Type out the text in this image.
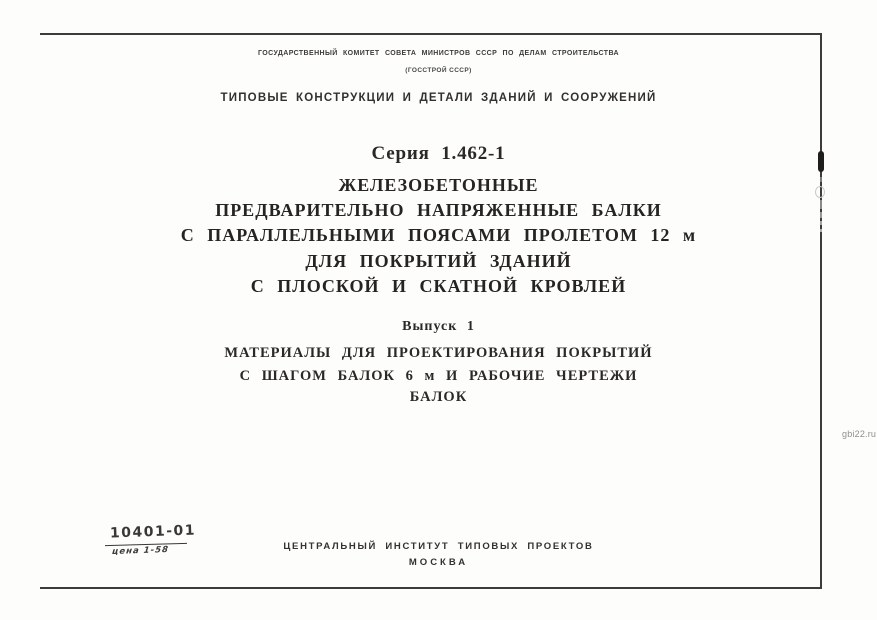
ГОСУДАРСТВЕННЫЙ КОМИТЕТ СОВЕТА МИНИСТРОВ СССР ПО ДЕЛАМ СТРОИТЕЛЬСТВА
(ГОССТРОЙ СССР)
ТИПОВЫЕ КОНСТРУКЦИИ И ДЕТАЛИ ЗДАНИЙ И СООРУЖЕНИЙ
Серия 1.462-1
ЖЕЛЕЗОБЕТОННЫЕ
ПРЕДВАРИТЕЛЬНО НАПРЯЖЕННЫЕ БАЛКИ
С ПАРАЛЛЕЛЬНЫМИ ПОЯСАМИ ПРОЛЕТОМ 12 м
ДЛЯ ПОКРЫТИЙ ЗДАНИЙ
С ПЛОСКОЙ И СКАТНОЙ КРОВЛЕЙ
Выпуск 1
МАТЕРИАЛЫ ДЛЯ ПРОЕКТИРОВАНИЯ ПОКРЫТИЙ
С ШАГОМ БАЛОК 6 м И РАБОЧИЕ ЧЕРТЕЖИ
БАЛОК
10401-01
цена 1-58	ЦЕНТРАЛЬНЫЙ ИНСТИТУТ ТИПОВЫХ ПРОЕКТОВ
МОСКВА
gbi22.ru
